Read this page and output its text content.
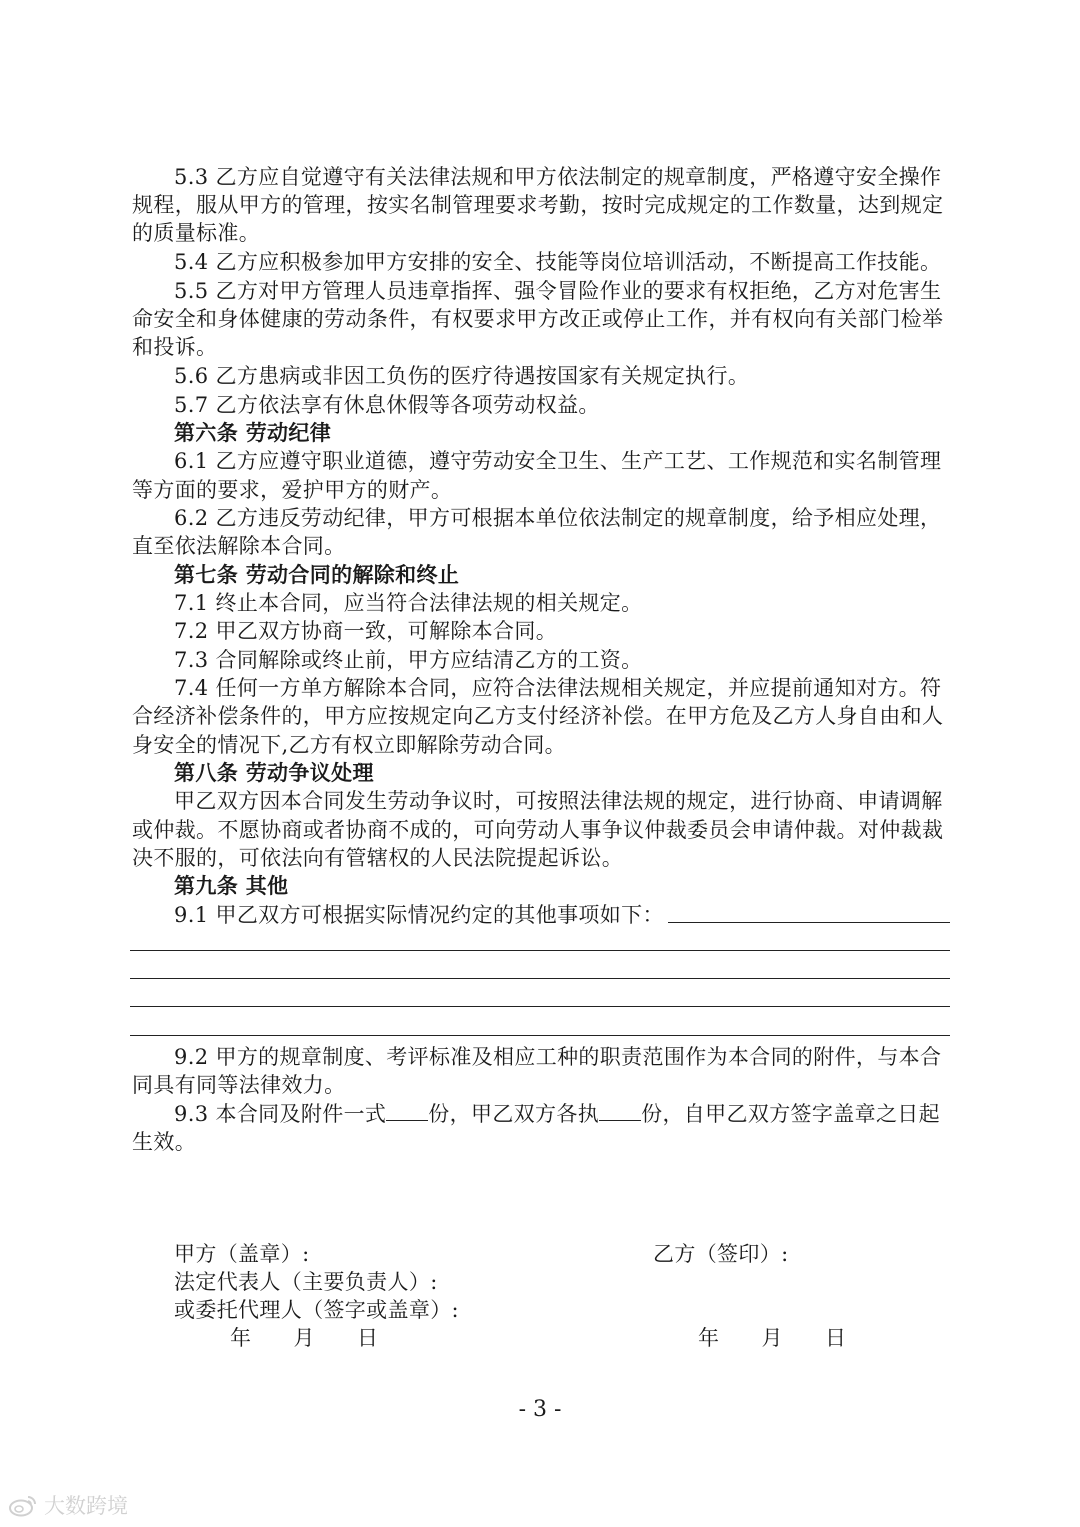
5.3 乙方应自觉遵守有关法律法规和甲方依法制定的规章制度，严格遵守安全操作
规程，服从甲方的管理，按实名制管理要求考勤，按时完成规定的工作数量，达到规定
的质量标准。
5.4 乙方应积极参加甲方安排的安全、技能等岗位培训活动，不断提高工作技能。
5.5 乙方对甲方管理人员违章指挥、强令冒险作业的要求有权拒绝，乙方对危害生
命安全和身体健康的劳动条件，有权要求甲方改正或停止工作，并有权向有关部门检举
和投诉。
5.6 乙方患病或非因工负伤的医疗待遇按国家有关规定执行。
5.7 乙方依法享有休息休假等各项劳动权益。
第六条 劳动纪律
6.1 乙方应遵守职业道德，遵守劳动安全卫生、生产工艺、工作规范和实名制管理
等方面的要求，爱护甲方的财产。
6.2 乙方违反劳动纪律，甲方可根据本单位依法制定的规章制度，给予相应处理，
直至依法解除本合同。
第七条 劳动合同的解除和终止
7.1 终止本合同，应当符合法律法规的相关规定。
7.2 甲乙双方协商一致，可解除本合同。
7.3 合同解除或终止前，甲方应结清乙方的工资。
7.4 任何一方单方解除本合同，应符合法律法规相关规定，并应提前通知对方。符
合经济补偿条件的，甲方应按规定向乙方支付经济补偿。在甲方危及乙方人身自由和人
身安全的情况下,乙方有权立即解除劳动合同。
第八条 劳动争议处理
甲乙双方因本合同发生劳动争议时，可按照法律法规的规定，进行协商、申请调解
或仲裁。不愿协商或者协商不成的，可向劳动人事争议仲裁委员会申请仲裁。对仲裁裁
决不服的，可依法向有管辖权的人民法院提起诉讼。
第九条 其他
9.1 甲乙双方可根据实际情况约定的其他事项如下：
9.2 甲方的规章制度、考评标准及相应工种的职责范围作为本合同的附件，与本合
同具有同等法律效力。
9.3 本合同及附件一式 份，甲乙双方各执 份，自甲乙双方签字盖章之日起
生效。
甲方（盖章）:	乙方（签印）:
法定代表人（主要负责人）:
或委托代理人（签字或盖章）:
年      月      日	年      月      日
- 3 -
大数跨境
